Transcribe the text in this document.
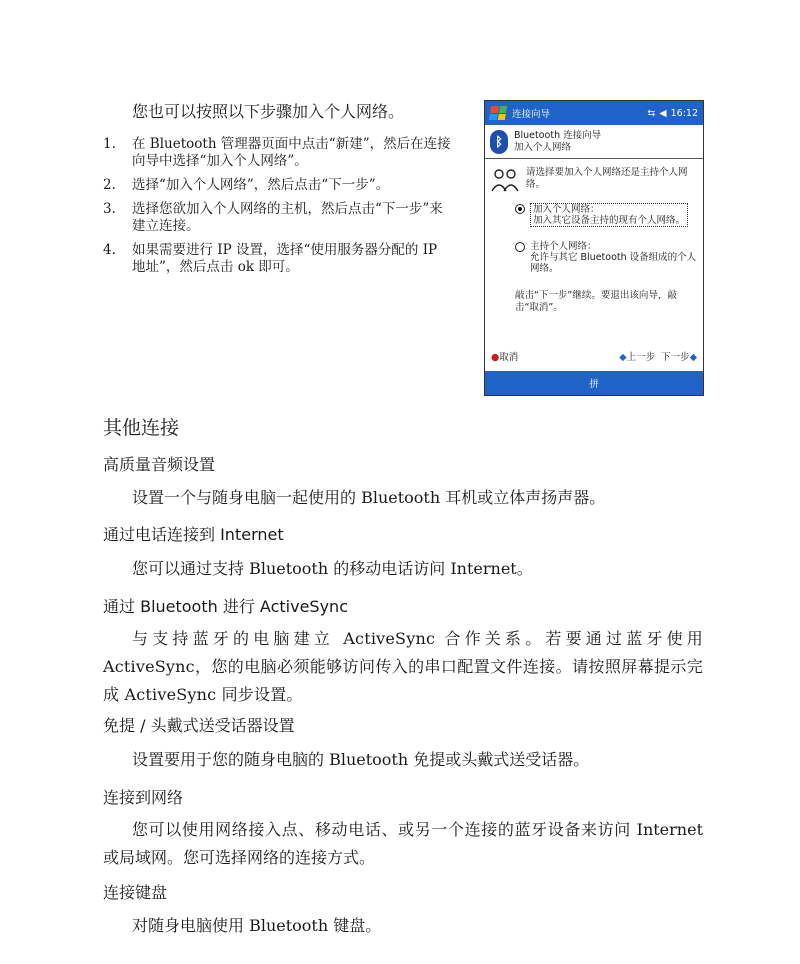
您也可以按照以下步骤加入个人网络。
1. 在 Bluetooth 管理器页面中点击“新建”，然后在连接向导中选择“加入个人网络”。
2. 选择“加入个人网络”，然后点击“下一步”。
3. 选择您欲加入个人网络的主机，然后点击“下一步”来建立连接。
4. 如果需要进行 IP 设置，选择“使用服务器分配的 IP 地址”，然后点击 ok 即可。
连接向导	⇆ ◀ 16:12
ᛒ	Bluetooth 连接向导
加入个人网络
请选择要加入个人网络还是主持个人网络。
加入个人网络：
加入其它设备主持的现有个人网络。
主持个人网络：
允许与其它 Bluetooth 设备组成的个人网络。
敲击“下一步”继续。要退出该向导，敲击“取消”。
● 取消	◆上一步 下一步◆
拼
其他连接
高质量音频设置
设置一个与随身电脑一起使用的 Bluetooth 耳机或立体声扬声器。
通过电话连接到 Internet
您可以通过支持 Bluetooth 的移动电话访问 Internet。
通过 Bluetooth 进行 ActiveSync
与支持蓝牙的电脑建立 ActiveSync 合作关系。若要通过蓝牙使用 ActiveSync，您的电脑必须能够访问传入的串口配置文件连接。请按照屏幕提示完成 ActiveSync 同步设置。
免提 / 头戴式送受话器设置
设置要用于您的随身电脑的 Bluetooth 免提或头戴式送受话器。
连接到网络
您可以使用网络接入点、移动电话、或另一个连接的蓝牙设备来访问 Internet 或局域网。您可选择网络的连接方式。
连接键盘
对随身电脑使用 Bluetooth 键盘。
